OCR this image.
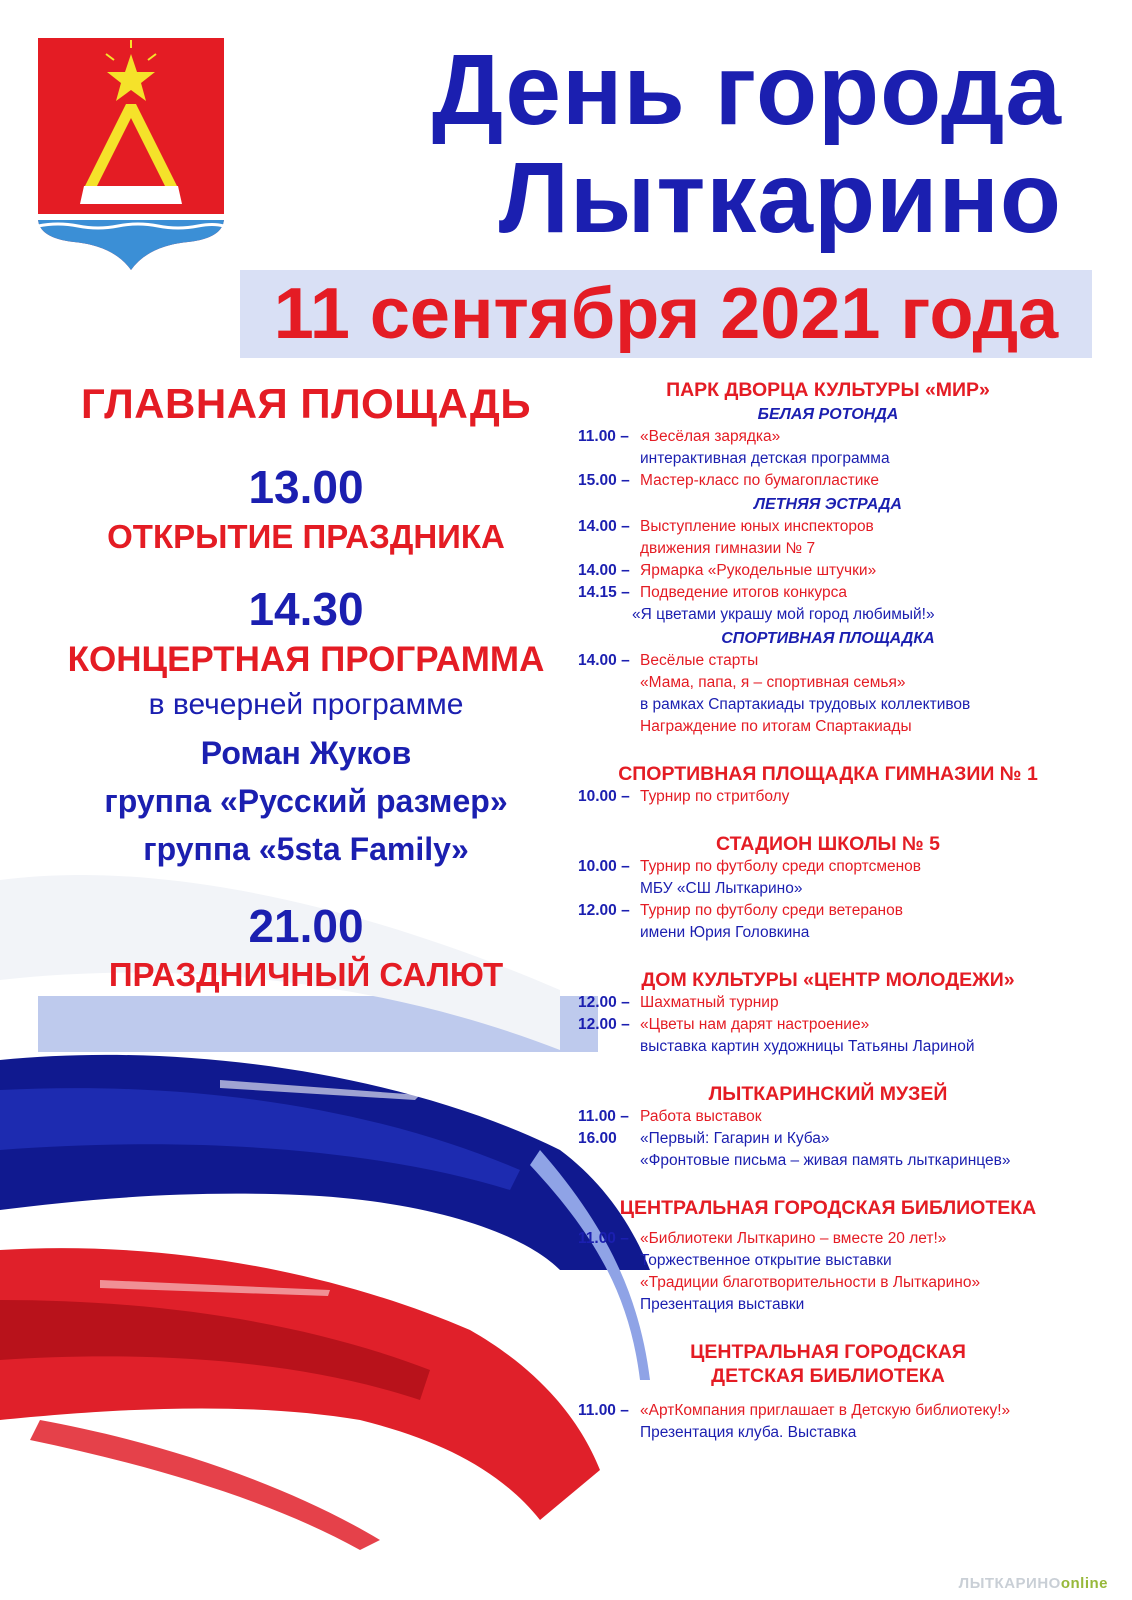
День города
Лыткарино
11 сентября 2021 года
ГЛАВНАЯ ПЛОЩАДЬ
13.00
ОТКРЫТИЕ ПРАЗДНИКА
14.30
КОНЦЕРТНАЯ ПРОГРАММА
в вечерней программе
Роман Жуков
группа «Русский размер»
группа «5sta Family»
21.00
ПРАЗДНИЧНЫЙ САЛЮТ
ПАРК ДВОРЦА КУЛЬТУРЫ «МИР»
БЕЛАЯ РОТОНДА
11.00 – «Весёлая зарядка»
интерактивная детская программа
15.00 – Мастер-класс по бумагопластике
ЛЕТНЯЯ ЭСТРАДА
14.00 – Выступление юных инспекторов
движения гимназии № 7
14.00 – Ярмарка «Рукодельные штучки»
14.15 – Подведение итогов конкурса
«Я цветами украшу мой город любимый!»
СПОРТИВНАЯ ПЛОЩАДКА
14.00 – Весёлые старты
«Мама, папа, я – спортивная семья»
в рамках Спартакиады трудовых коллективов
Награждение по итогам Спартакиады
СПОРТИВНАЯ ПЛОЩАДКА ГИМНАЗИИ № 1
10.00 – Турнир по стритболу
СТАДИОН ШКОЛЫ № 5
10.00 – Турнир по футболу среди спортсменов
МБУ «СШ Лыткарино»
12.00 – Турнир по футболу среди ветеранов
имени Юрия Головкина
ДОМ КУЛЬТУРЫ «ЦЕНТР МОЛОДЕЖИ»
12.00 – Шахматный турнир
12.00 – «Цветы нам дарят настроение»
выставка картин художницы Татьяны Лариной
ЛЫТКАРИНСКИЙ МУЗЕЙ
11.00 – Работа выставок
16.00	«Первый: Гагарин и Куба»
«Фронтовые письма – живая память лыткаринцев»
ЦЕНТРАЛЬНАЯ ГОРОДСКАЯ БИБЛИОТЕКА
11.00 – «Библиотеки Лыткарино – вместе 20 лет!»
Торжественное открытие выставки
«Традиции благотворительности в Лыткарино»
Презентация выставки
ЦЕНТРАЛЬНАЯ ГОРОДСКАЯ
ДЕТСКАЯ БИБЛИОТЕКА
11.00 – «АртКомпания приглашает в Детскую библиотеку!»
Презентация клуба. Выставка
ЛЫТКАРИНОonline
